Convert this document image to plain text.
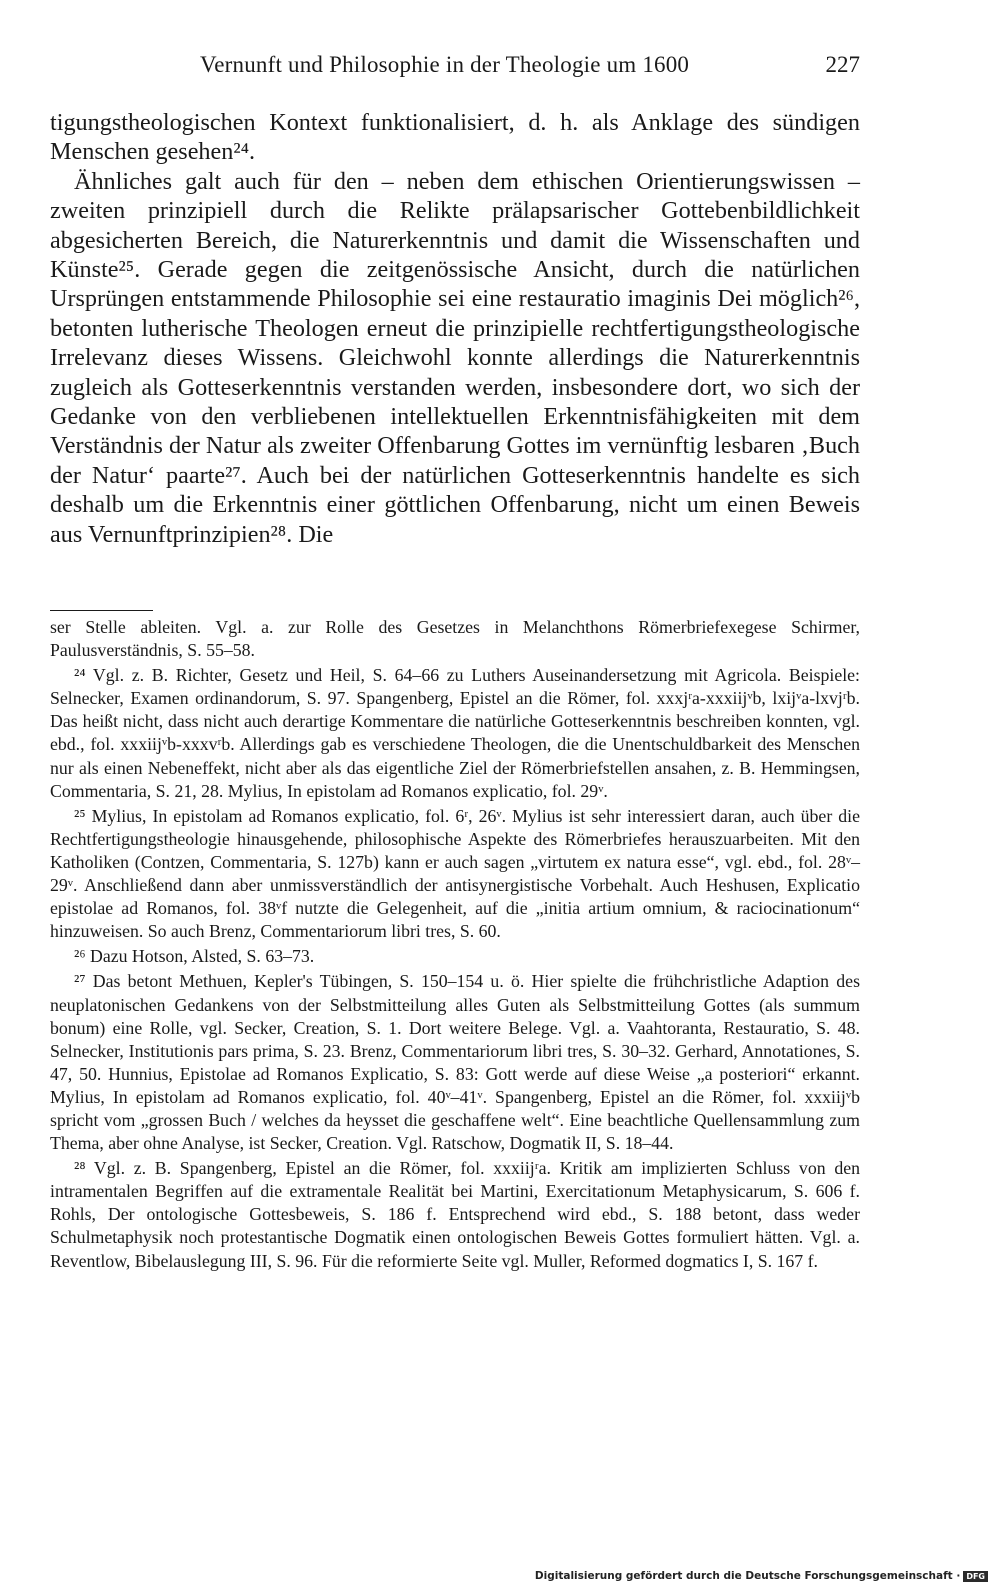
Vernunft und Philosophie in der Theologie um 1600	227

tigungstheologischen Kontext funktionalisiert, d. h. als Anklage des sündigen Menschen gesehen²⁴.

Ähnliches galt auch für den – neben dem ethischen Orientierungswissen – zweiten prinzipiell durch die Relikte prälapsarischer Gottebenbildlichkeit abgesicherten Bereich, die Naturerkenntnis und damit die Wissenschaften und Künste²⁵. Gerade gegen die zeitgenössische Ansicht, durch die natürlichen Ursprüngen entstammende Philosophie sei eine restauratio imaginis Dei möglich²⁶, betonten lutherische Theologen erneut die prinzipielle rechtfertigungstheologische Irrelevanz dieses Wissens. Gleichwohl konnte allerdings die Naturerkenntnis zugleich als Gotteserkenntnis verstanden werden, insbesondere dort, wo sich der Gedanke von den verbliebenen intellektuellen Erkenntnisfähigkeiten mit dem Verständnis der Natur als zweiter Offenbarung Gottes im vernünftig lesbaren ‚Buch der Natur‘ paarte²⁷. Auch bei der natürlichen Gotteserkenntnis handelte es sich deshalb um die Erkenntnis einer göttlichen Offenbarung, nicht um einen Beweis aus Vernunftprinzipien²⁸. Die

ser Stelle ableiten. Vgl. a. zur Rolle des Gesetzes in Melanchthons Römerbriefexegese Schirmer, Paulusverständnis, S. 55–58.

²⁴ Vgl. z. B. Richter, Gesetz und Heil, S. 64–66 zu Luthers Auseinandersetzung mit Agricola. Beispiele: Selnecker, Examen ordinandorum, S. 97. Spangenberg, Epistel an die Römer, fol. xxxjʳa-xxxiijᵛb, lxijᵛa-lxvjʳb. Das heißt nicht, dass nicht auch derartige Kommentare die natürliche Gotteserkenntnis beschreiben konnten, vgl. ebd., fol. xxxiijᵛb-xxxvʳb. Allerdings gab es verschiedene Theologen, die die Unentschuldbarkeit des Menschen nur als einen Nebeneffekt, nicht aber als das eigentliche Ziel der Römerbriefstellen ansahen, z. B. Hemmingsen, Commentaria, S. 21, 28. Mylius, In epistolam ad Romanos explicatio, fol. 29ᵛ.

²⁵ Mylius, In epistolam ad Romanos explicatio, fol. 6ʳ, 26ᵛ. Mylius ist sehr interessiert daran, auch über die Rechtfertigungstheologie hinausgehende, philosophische Aspekte des Römerbriefes herauszuarbeiten. Mit den Katholiken (Contzen, Commentaria, S. 127b) kann er auch sagen „virtutem ex natura esse“, vgl. ebd., fol. 28ᵛ–29ᵛ. Anschließend dann aber unmissverständlich der antisynergistische Vorbehalt. Auch Heshusen, Explicatio epistolae ad Romanos, fol. 38ᵛf nutzte die Gelegenheit, auf die „initia artium omnium, & raciocinationum“ hinzuweisen. So auch Brenz, Commentariorum libri tres, S. 60.

²⁶ Dazu Hotson, Alsted, S. 63–73.

²⁷ Das betont Methuen, Kepler's Tübingen, S. 150–154 u. ö. Hier spielte die frühchristliche Adaption des neuplatonischen Gedankens von der Selbstmitteilung alles Guten als Selbstmitteilung Gottes (als summum bonum) eine Rolle, vgl. Secker, Creation, S. 1. Dort weitere Belege. Vgl. a. Vaahtoranta, Restauratio, S. 48. Selnecker, Institutionis pars prima, S. 23. Brenz, Commentariorum libri tres, S. 30–32. Gerhard, Annotationes, S. 47, 50. Hunnius, Epistolae ad Romanos Explicatio, S. 83: Gott werde auf diese Weise „a posteriori“ erkannt. Mylius, In epistolam ad Romanos explicatio, fol. 40ᵛ–41ᵛ. Spangenberg, Epistel an die Römer, fol. xxxiijᵛb spricht vom „grossen Buch / welches da heysset die geschaffene welt“. Eine beachtliche Quellensammlung zum Thema, aber ohne Analyse, ist Secker, Creation. Vgl. Ratschow, Dogmatik II, S. 18–44.

²⁸ Vgl. z. B. Spangenberg, Epistel an die Römer, fol. xxxiijʳa. Kritik am implizierten Schluss von den intramentalen Begriffen auf die extramentale Realität bei Martini, Exercitationum Metaphysicarum, S. 606 f. Rohls, Der ontologische Gottesbeweis, S. 186 f. Entsprechend wird ebd., S. 188 betont, dass weder Schulmetaphysik noch protestantische Dogmatik einen ontologischen Beweis Gottes formuliert hätten. Vgl. a. Reventlow, Bibelauslegung III, S. 96. Für die reformierte Seite vgl. Muller, Reformed dogmatics I, S. 167 f.

Digitalisierung gefördert durch die Deutsche Forschungsgemeinschaft · DFG
